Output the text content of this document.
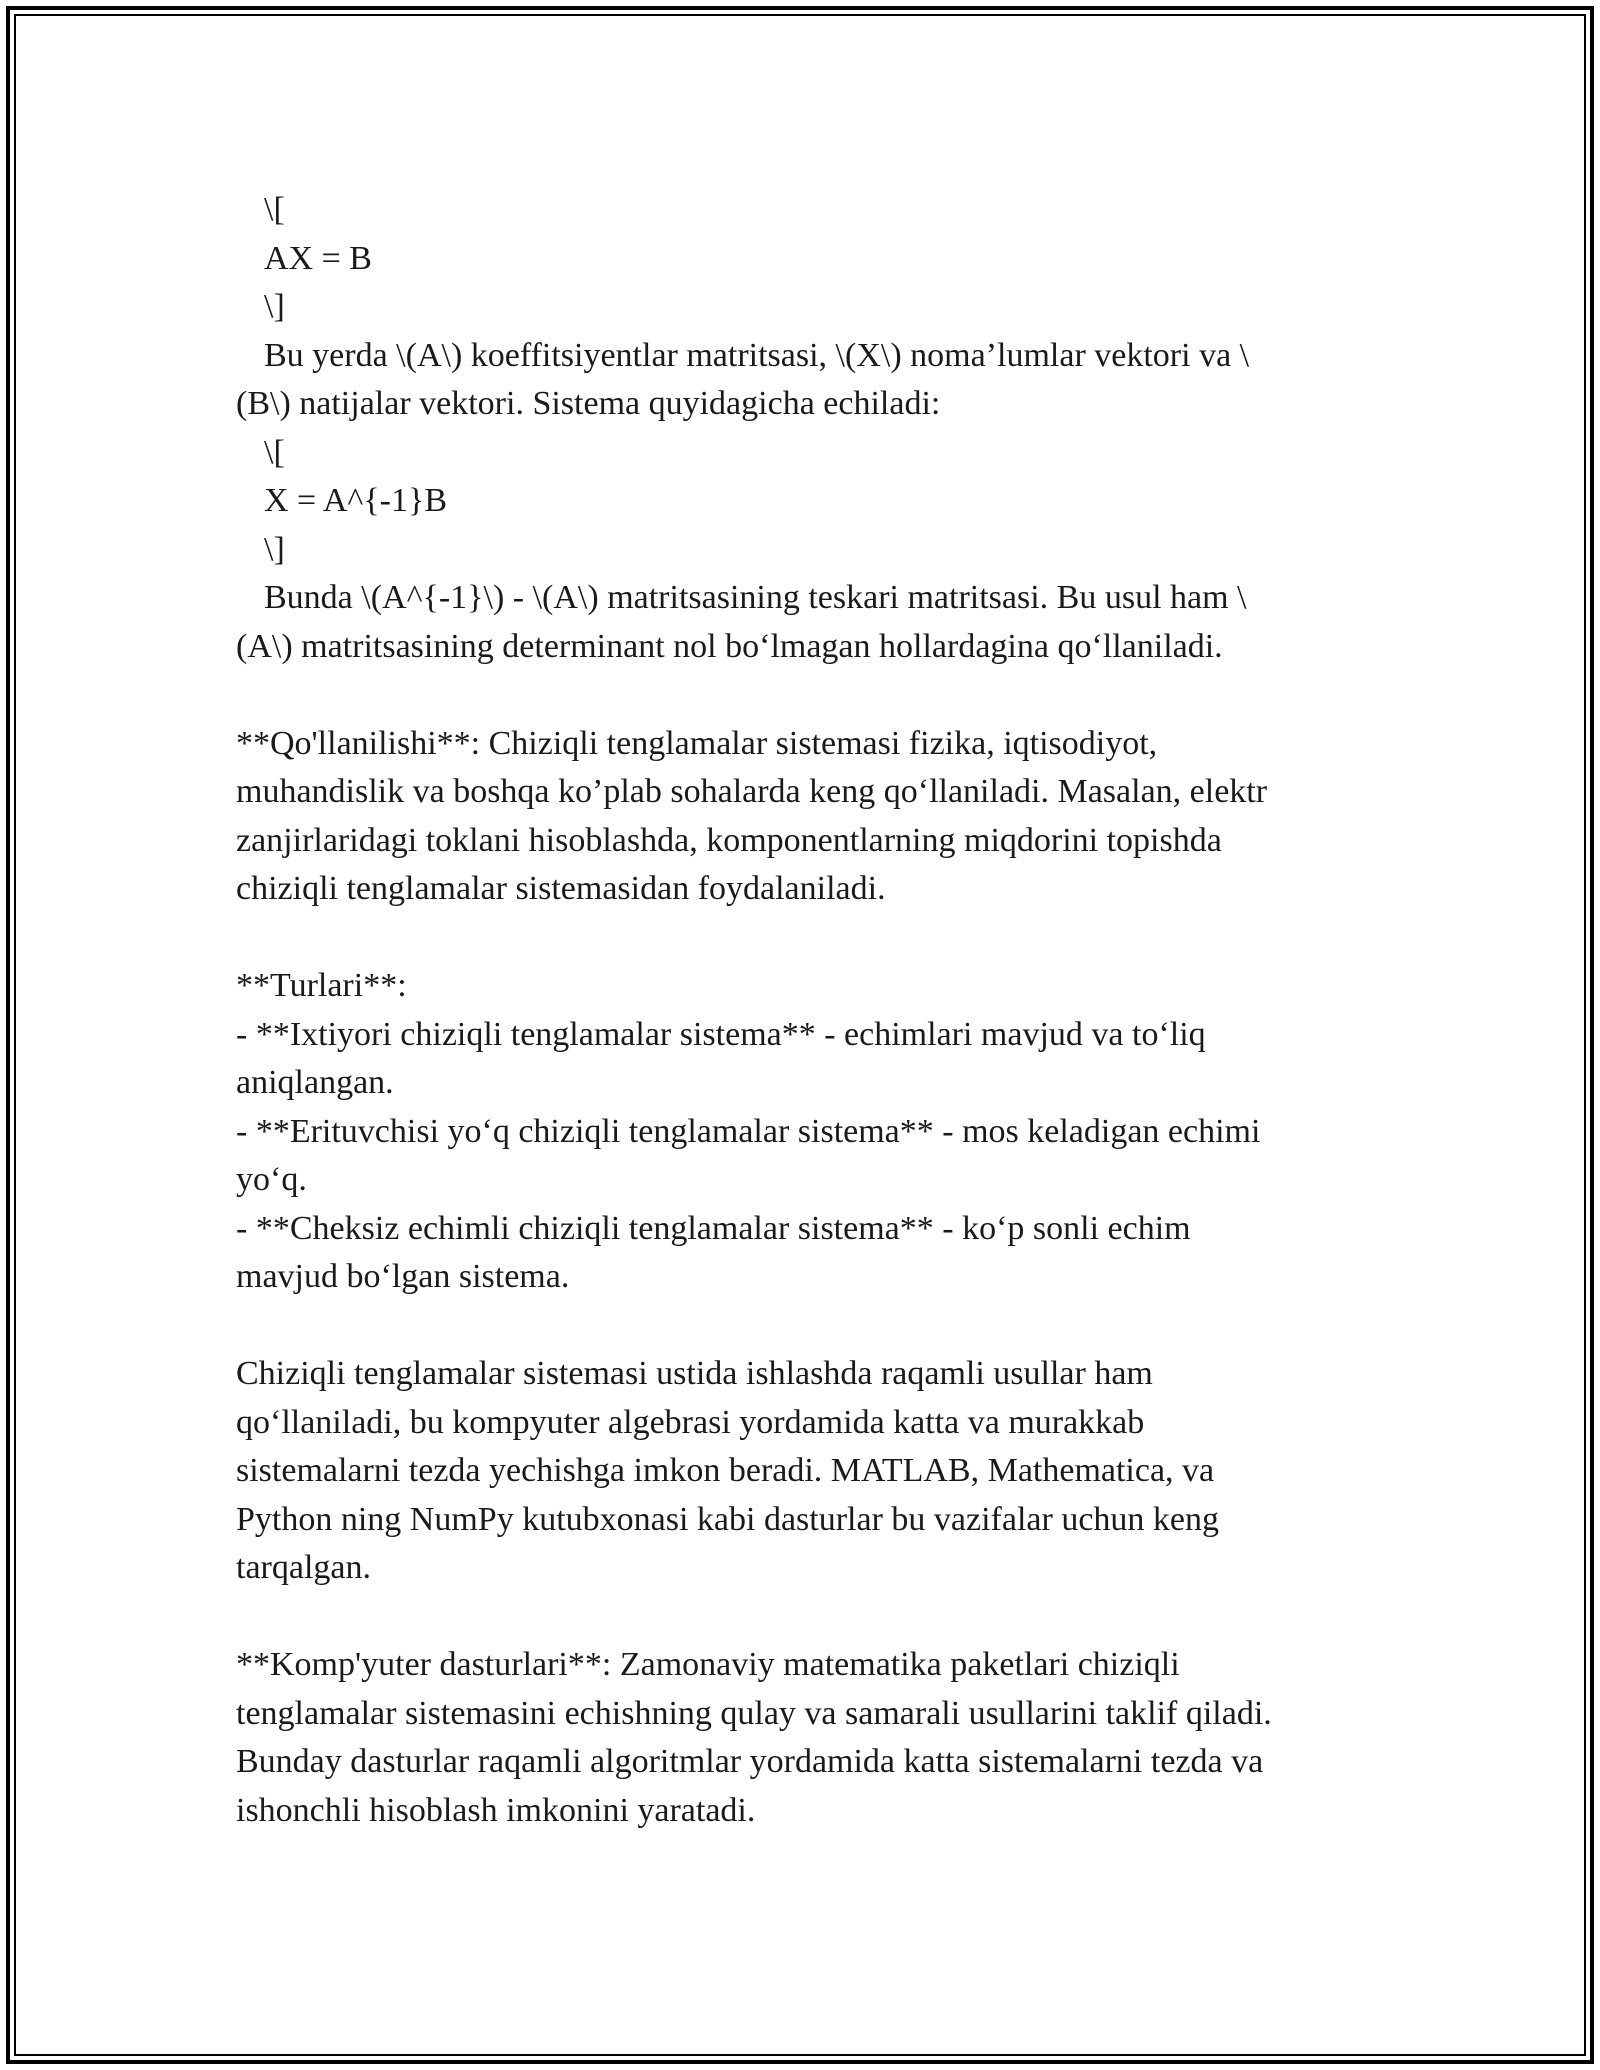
\[

AX = B

\]

Bu yerda \(A\) koeffitsiyentlar matritsasi, \(X\) noma’lumlar vektori va \

(B\) natijalar vektori. Sistema quyidagicha echiladi:

\[

X = A^{-1}B

\]

Bunda \(A^{-1}\) - \(A\) matritsasining teskari matritsasi. Bu usul ham \

(A\) matritsasining determinant nol bo‘lmagan hollardagina qo‘llaniladi.

**Qo'llanilishi**: Chiziqli tenglamalar sistemasi fizika, iqtisodiyot,

muhandislik va boshqa ko’plab sohalarda keng qo‘llaniladi. Masalan, elektr

zanjirlaridagi toklani hisoblashda, komponentlarning miqdorini topishda

chiziqli tenglamalar sistemasidan foydalaniladi.

**Turlari**:

- **Ixtiyori chiziqli tenglamalar sistema** - echimlari mavjud va to‘liq

aniqlangan.

- **Erituvchisi yo‘q chiziqli tenglamalar sistema** - mos keladigan echimi

yo‘q.

- **Cheksiz echimli chiziqli tenglamalar sistema** - ko‘p sonli echim

mavjud bo‘lgan sistema.

Chiziqli tenglamalar sistemasi ustida ishlashda raqamli usullar ham

qo‘llaniladi, bu kompyuter algebrasi yordamida katta va murakkab

sistemalarni tezda yechishga imkon beradi. MATLAB, Mathematica, va

Python ning NumPy kutubxonasi kabi dasturlar bu vazifalar uchun keng

tarqalgan.

**Komp'yuter dasturlari**: Zamonaviy matematika paketlari chiziqli

tenglamalar sistemasini echishning qulay va samarali usullarini taklif qiladi.

Bunday dasturlar raqamli algoritmlar yordamida katta sistemalarni tezda va

ishonchli hisoblash imkonini yaratadi.
